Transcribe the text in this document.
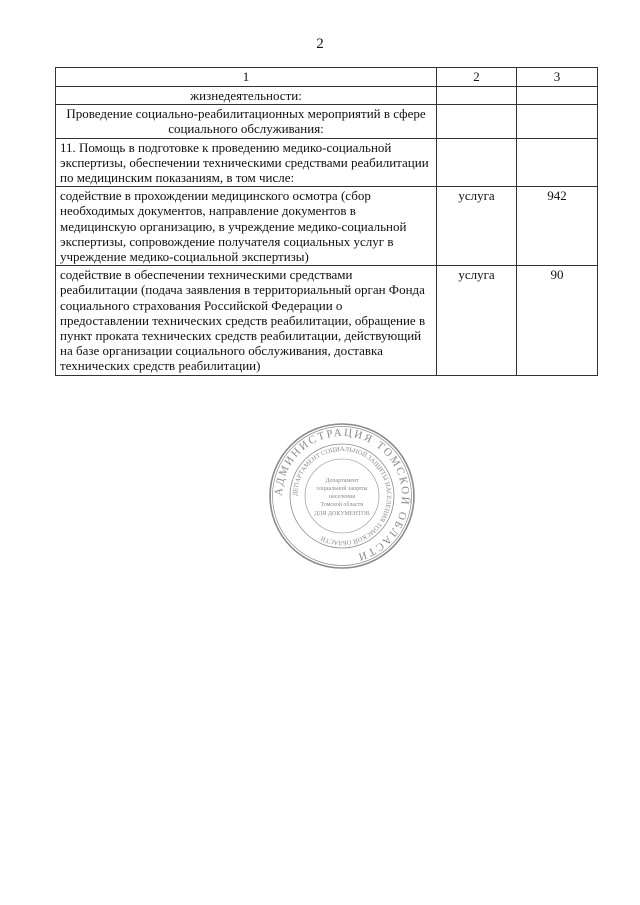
2
1	2	3
жизнедеятельности:		
Проведение социально-реабилитационных мероприятий в сфере социального обслуживания:		
11. Помощь в подготовке к проведению медико-социальной экспертизы, обеспечении техническими средствами реабилитации по медицинским показаниям, в том числе:		
содействие в прохождении медицинского осмотра (сбор необходимых документов, направление документов в медицинскую организацию, в учреждение медико-социальной экспертизы, сопровождение получателя социальных услуг в учреждение медико-социальной экспертизы)	услуга	942
содействие в обеспечении техническими средствами реабилитации (подача заявления в территориальный орган Фонда социального страхования Российской Федерации о предоставлении технических средств реабилитации, обращение в пункт проката технических средств реабилитации, действующий на базе организации социального обслуживания, доставка технических средств реабилитации)	услуга	90
АДМИНИСТРАЦИЯ ТОМСКОЙ ОБЛАСТИ
ДЕПАРТАМЕНТ СОЦИАЛЬНОЙ ЗАЩИТЫ НАСЕЛЕНИЯ ТОМСКОЙ ОБЛАСТИ
Департамент
социальной защиты
населения
Томской области
ДЛЯ ДОКУМЕНТОВ
